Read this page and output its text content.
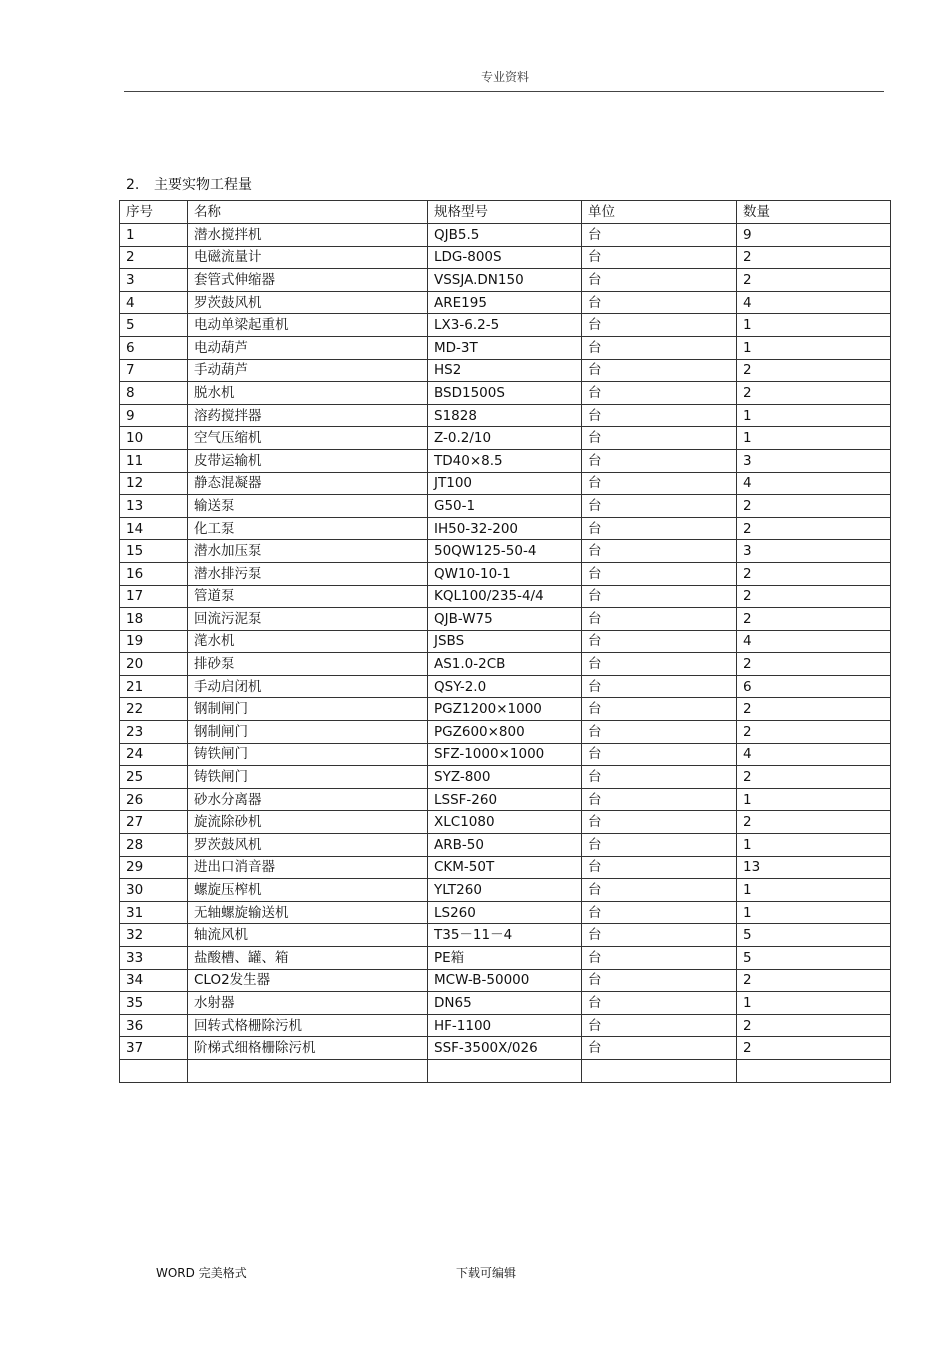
专业资料
2. 主要实物工程量
序号	名称	规格型号	单位	数量
1	潜水搅拌机	QJB5.5	台	9
2	电磁流量计	LDG-800S	台	2
3	套管式伸缩器	VSSJA.DN150	台	2
4	罗茨鼓风机	ARE195	台	4
5	电动单梁起重机	LX3-6.2-5	台	1
6	电动葫芦	MD-3T	台	1
7	手动葫芦	HS2	台	2
8	脱水机	BSD1500S	台	2
9	溶药搅拌器	S1828	台	1
10	空气压缩机	Z-0.2/10	台	1
11	皮带运输机	TD40×8.5	台	3
12	静态混凝器	JT100	台	4
13	输送泵	G50-1	台	2
14	化工泵	IH50-32-200	台	2
15	潜水加压泵	50QW125-50-4	台	3
16	潜水排污泵	QW10-10-1	台	2
17	管道泵	KQL100/235-4/4	台	2
18	回流污泥泵	QJB-W75	台	2
19	滗水机	JSBS	台	4
20	排砂泵	AS1.0-2CB	台	2
21	手动启闭机	QSY-2.0	台	6
22	钢制闸门	PGZ1200×1000	台	2
23	钢制闸门	PGZ600×800	台	2
24	铸铁闸门	SFZ-1000×1000	台	4
25	铸铁闸门	SYZ-800	台	2
26	砂水分离器	LSSF-260	台	1
27	旋流除砂机	XLC1080	台	2
28	罗茨鼓风机	ARB-50	台	1
29	进出口消音器	CKM-50T	台	13
30	螺旋压榨机	YLT260	台	1
31	无轴螺旋输送机	LS260	台	1
32	轴流风机	T35－11－4	台	5
33	盐酸槽、罐、箱	PE箱	台	5
34	CLO2发生器	MCW-B-50000	台	2
35	水射器	DN65	台	1
36	回转式格栅除污机	HF-1100	台	2
37	阶梯式细格栅除污机	SSF-3500X/026	台	2

WORD 完美格式	下载可编辑
